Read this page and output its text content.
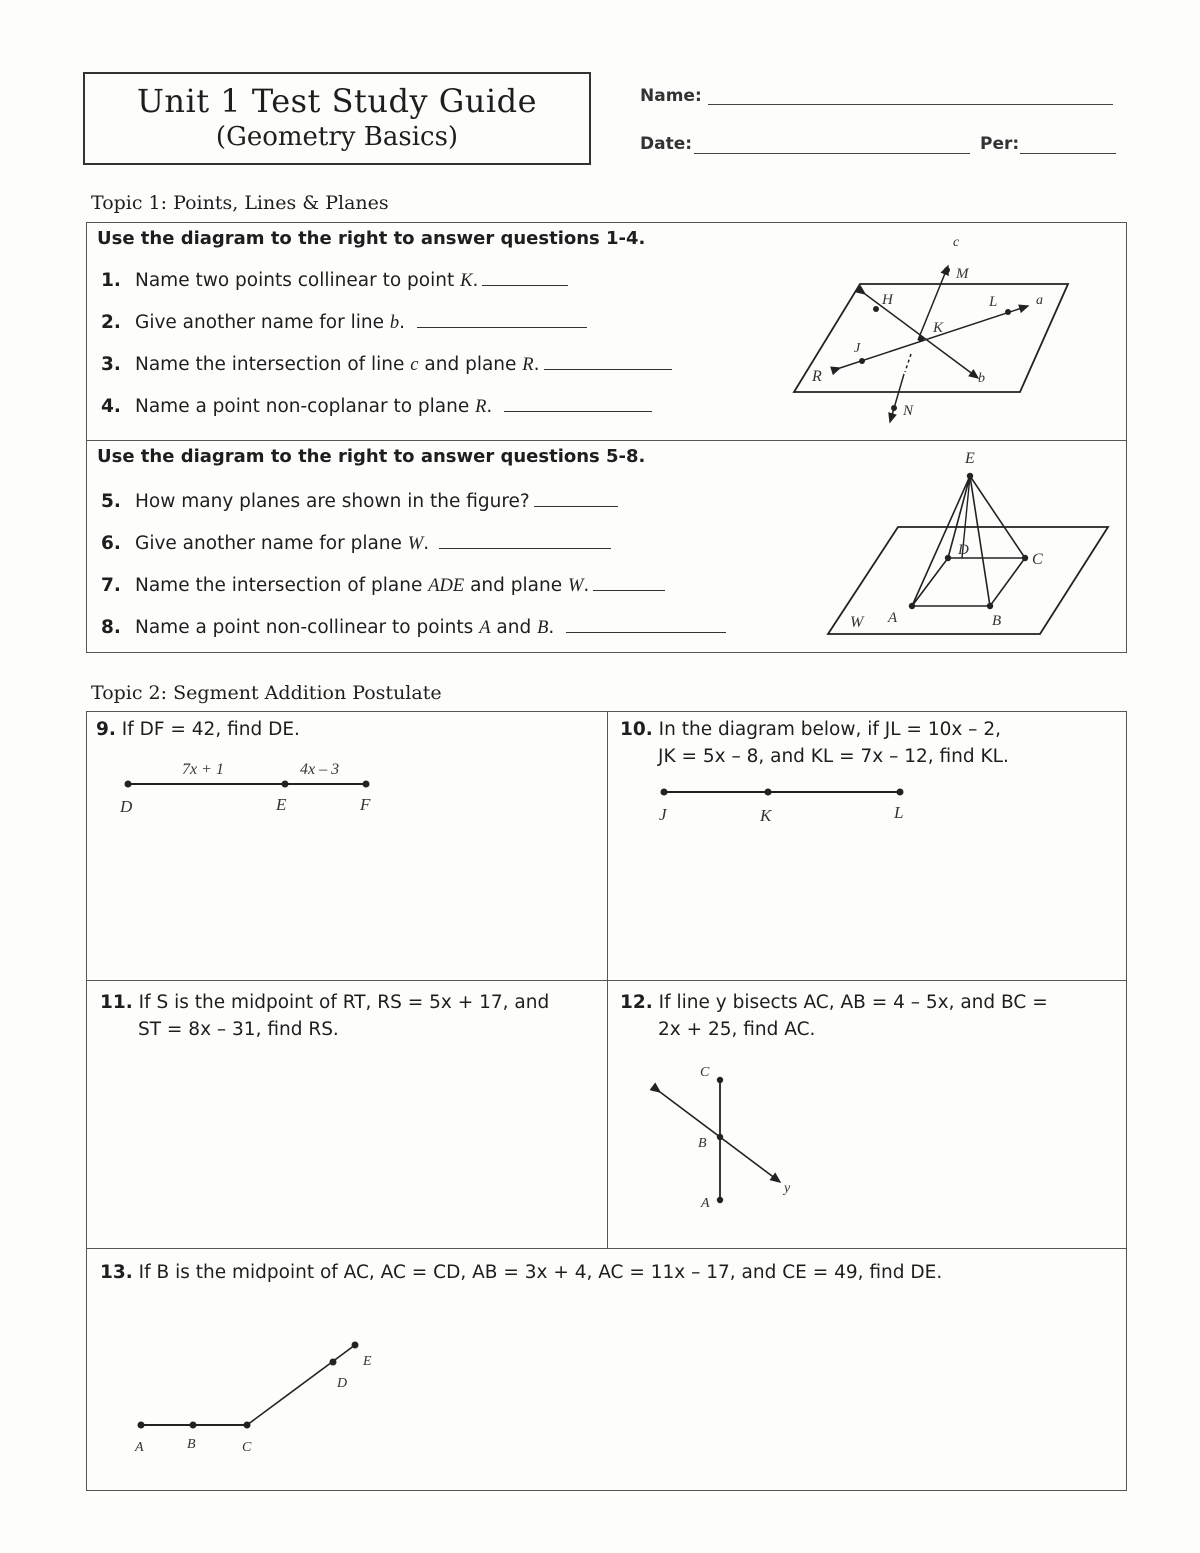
Unit 1 Test Study Guide
(Geometry Basics)
Name:
Date:	Per:
Topic 1: Points, Lines & Planes
Use the diagram to the right to answer questions 1-4.
1. Name two points collinear to point K.
2. Give another name for line b.
3. Name the intersection of line c and plane R.
4. Name a point non-coplanar to plane R.
c
M
H	L	a
K
J
R	b
N
Use the diagram to the right to answer questions 5-8.
5. How many planes are shown in the figure?
6. Give another name for plane W.
7. Name the intersection of plane ADE and plane W.
8. Name a point non-collinear to points A and B.
E
D
C
W A	B
Topic 2: Segment Addition Postulate
9. If DF = 42, find DE.
7x + 1	4x – 3
D	E	F
10. In the diagram below, if JL = 10x – 2,
JK = 5x – 8, and KL = 7x – 12, find KL.
J	K	L
11. If S is the midpoint of RT, RS = 5x + 17, and
ST = 8x – 31, find RS.
12. If line y bisects AC, AB = 4 – 5x, and BC =
2x + 25, find AC.
C
B
A
y
13. If B is the midpoint of AC, AC = CD, AB = 3x + 4, AC = 11x – 17, and CE = 49, find DE.
A	B	C
D
E
